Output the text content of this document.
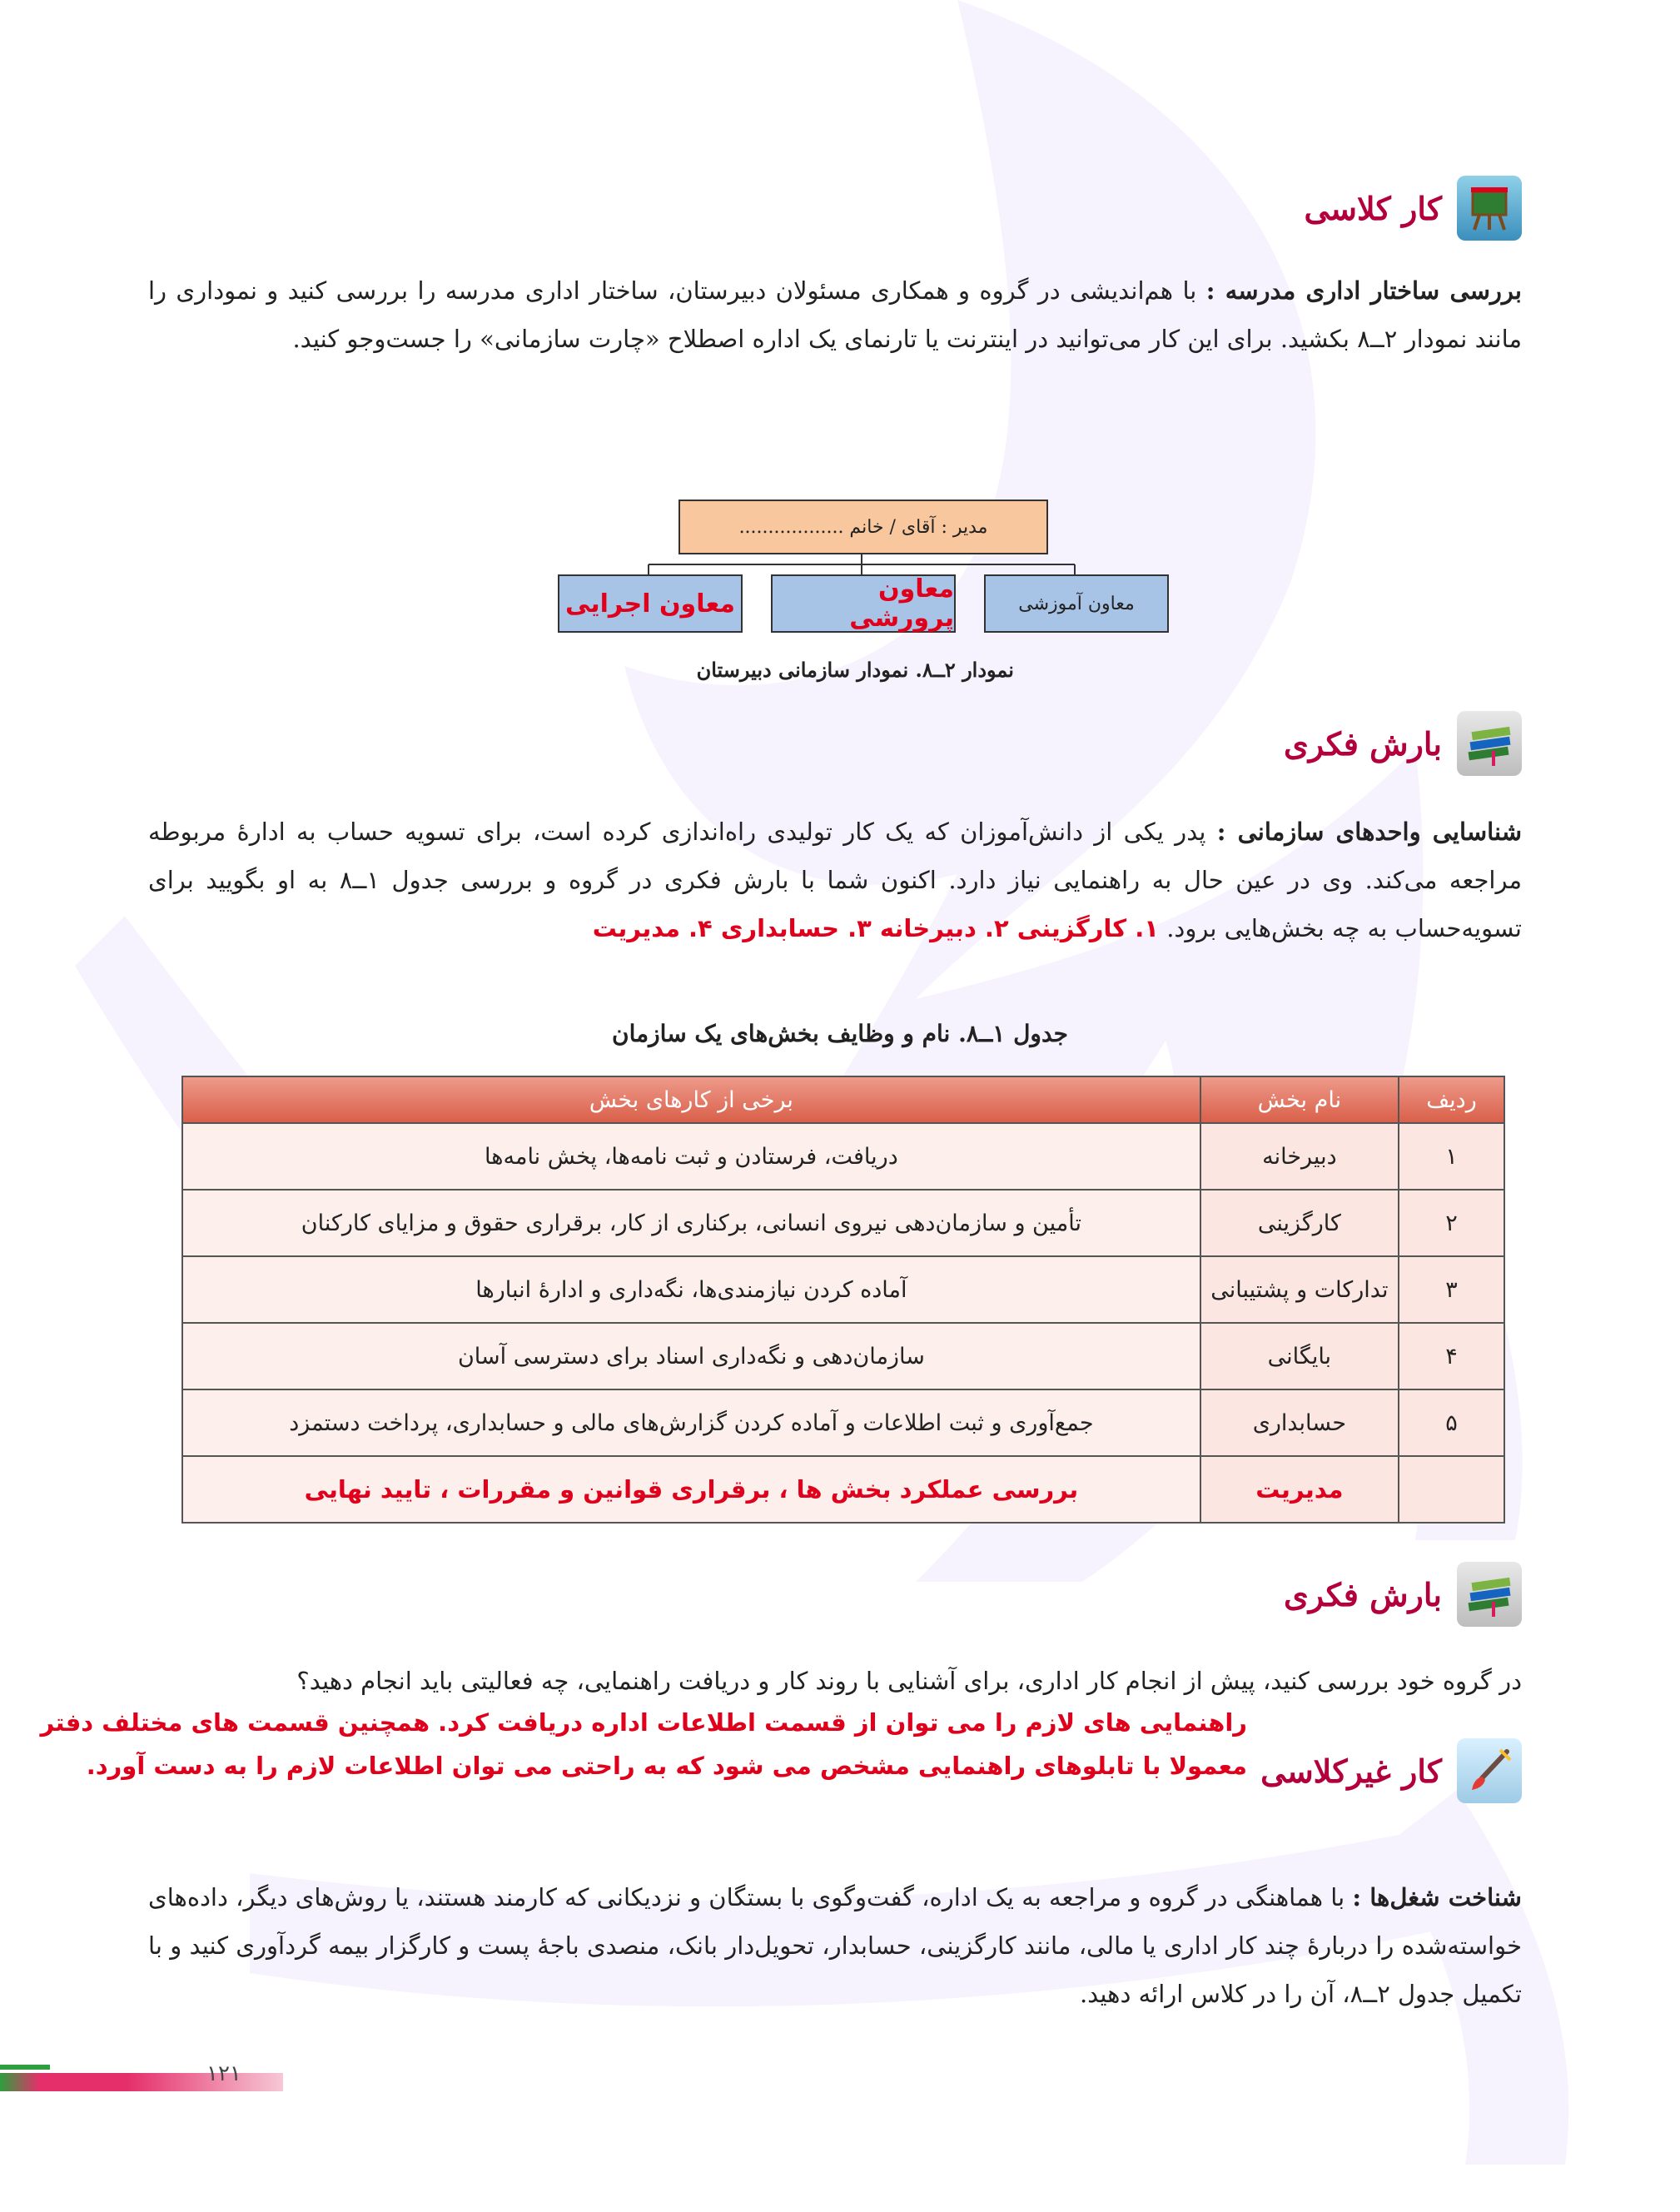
کار کلاسی

بررسی ساختار اداری مدرسه : با هم‌اندیشی در گروه و همکاری مسئولان دبیرستان، ساختار اداری مدرسه را بررسی کنید و نموداری را مانند نمودار ۲ــ۸ بکشید. برای این کار می‌توانید در اینترنت یا تارنمای یک اداره اصطلاح «چارت سازمانی» را جست‌وجو کنید.

مدیر : آقای / خانم ..................
معاون آموزشی
معاون پرورشی
معاون اجرایی
نمودار ۲ــ۸. نمودار سازمانی دبیرستان
بارش فکری

شناسایی واحدهای سازمانی : پدر یکی از دانش‌آموزان که یک کار تولیدی راه‌اندازی کرده است، برای تسویه حساب به ادارهٔ مربوطه مراجعه می‌کند. وی در عین حال به راهنمایی نیاز دارد. اکنون شما با بارش فکری در گروه و بررسی جدول ۱ــ۸ به او بگویید برای تسویه‌حساب به چه بخش‌هایی برود. ۱. کارگزینی ۲. دبیرخانه ۳. حسابداری ۴. مدیریت

جدول ۱ــ۸. نام و وظایف بخش‌های یک سازمان
ردیف	نام بخش	برخی از کارهای بخش
۱	دبیرخانه	دریافت، فرستادن و ثبت نامه‌ها، پخش نامه‌ها
۲	کارگزینی	تأمین و سازمان‌دهی نیروی انسانی، برکناری از کار، برقراری حقوق و مزایای کارکنان
۳	تدارکات و پشتیبانی	آماده کردن نیازمندی‌ها، نگه‌داری و ادارهٔ انبارها
۴	بایگانی	سازمان‌دهی و نگه‌داری اسناد برای دسترسی آسان
۵	حسابداری	جمع‌آوری و ثبت اطلاعات و آماده کردن گزارش‌های مالی و حسابداری، پرداخت دستمزد
	مدیریت	بررسی عملکرد بخش ها ، برقراری قوانین و مقررات ، تایید نهایی
بارش فکری

در گروه خود بررسی کنید، پیش از انجام کار اداری، برای آشنایی با روند کار و دریافت راهنمایی، چه فعالیتی باید انجام دهید؟

راهنمایی های لازم را می توان از قسمت اطلاعات اداره دریافت کرد. همچنین قسمت های مختلف دفتر
معمولا با تابلوهای راهنمایی مشخص می شود که به راحتی می توان اطلاعات لازم را به دست آورد. کار غیرکلاسی

شناخت شغل‌ها : با هماهنگی در گروه و مراجعه به یک اداره، گفت‌وگوی با بستگان و نزدیکانی که کارمند هستند، یا روش‌های دیگر، داده‌های خواسته‌شده را دربارهٔ چند کار اداری یا مالی، مانند کارگزینی، حسابدار، تحویل‌دار بانک، منصدی باجهٔ پست و کارگزار بیمه گردآوری کنید و با تکمیل جدول ۲ــ۸، آن را در کلاس ارائه دهید.

۱۲۱
